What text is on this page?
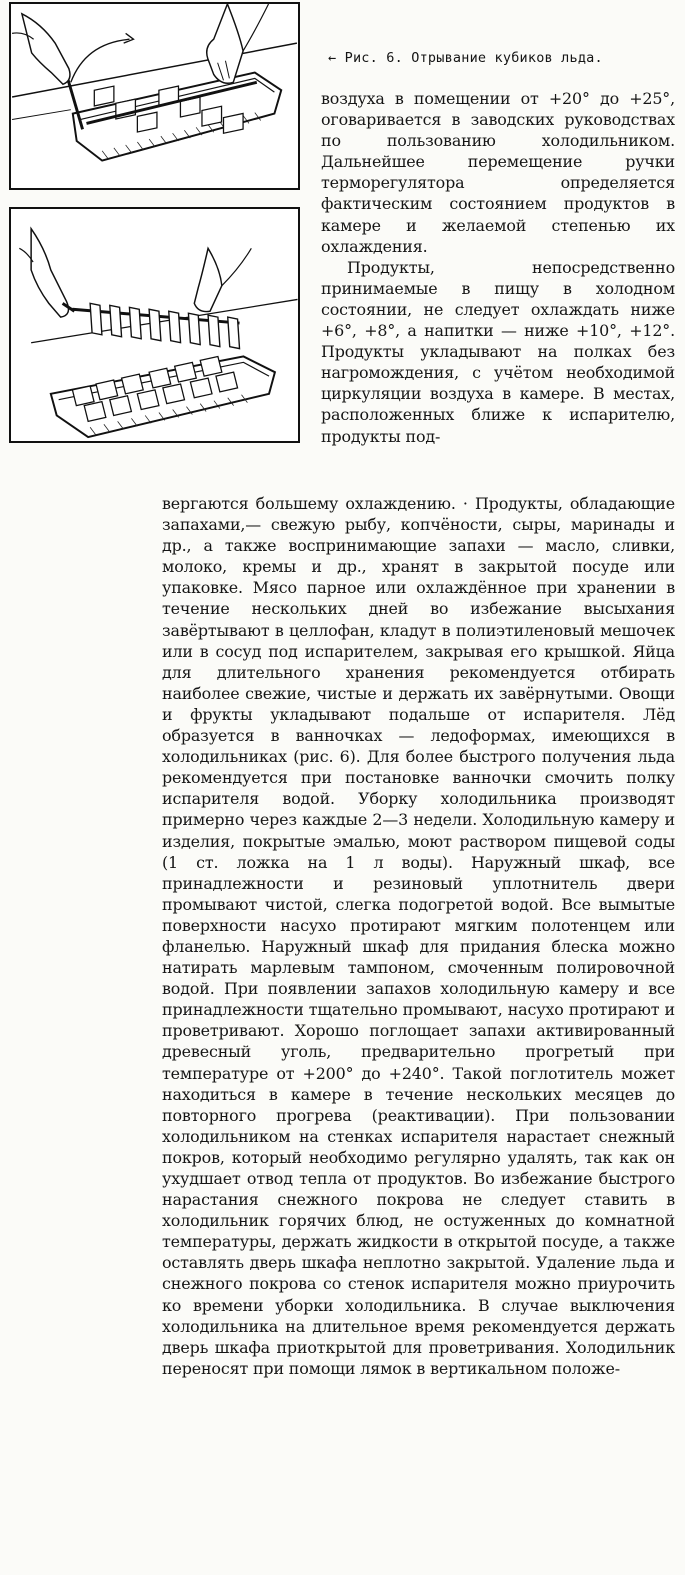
← Рис. 6. Отрывание кубиков льда.

воздуха в помещении от +20° до +25°, оговаривается в заводских руководствах по пользованию холодильником. Дальнейшее перемещение ручки терморегулятора определяется фактическим состоянием продуктов в камере и желаемой степенью их охлаждения.

Продукты, непосредственно принимаемые в пищу в холодном состоянии, не следует охлаждать ниже +6°, +8°, а напитки — ниже +10°, +12°. Продукты укладывают на полках без нагромождения, с учётом необходимой циркуляции воздуха в камере. В местах, расположенных ближе к испарителю, продукты под-

вергаются большему охлаждению. · Продукты, обладающие запахами,— свежую рыбу, копчёности, сыры, маринады и др., а также воспринимающие запахи — масло, сливки, молоко, кремы и др., хранят в закрытой посуде или упаковке. Мясо парное или охлаждённое при хранении в течение нескольких дней во избежание высыхания завёртывают в целлофан, кладут в полиэтиленовый мешочек или в сосуд под испарителем, закрывая его крышкой. Яйца для длительного хранения рекомендуется отбирать наиболее свежие, чистые и держать их завёрнутыми. Овощи и фрукты укладывают подальше от испарителя. Лёд образуется в ванночках — ледоформах, имеющихся в холодильниках (рис. 6). Для более быстрого получения льда рекомендуется при постановке ванночки смочить полку испарителя водой. Уборку холодильника производят примерно через каждые 2—3 недели. Холодильную камеру и изделия, покрытые эмалью, моют раствором пищевой соды (1 ст. ложка на 1 л воды). Наружный шкаф, все принадлежности и резиновый уплотнитель двери промывают чистой, слегка подогретой водой. Все вымытые поверхности насухо протирают мягким полотенцем или фланелью. Наружный шкаф для придания блеска можно натирать марлевым тампоном, смоченным полировочной водой. При появлении запахов холодильную камеру и все принадлежности тщательно промывают, насухо протирают и проветривают. Хорошо поглощает запахи активированный древесный уголь, предварительно прогретый при температуре от +200° до +240°. Такой поглотитель может находиться в камере в течение нескольких месяцев до повторного прогрева (реактивации). При пользовании холодильником на стенках испарителя нарастает снежный покров, который необходимо регулярно удалять, так как он ухудшает отвод тепла от продуктов. Во избежание быстрого нарастания снежного покрова не следует ставить в холодильник горячих блюд, не остуженных до комнатной температуры, держать жидкости в открытой посуде, а также оставлять дверь шкафа неплотно закрытой. Удаление льда и снежного покрова со стенок испарителя можно приурочить ко времени уборки холодильника. В случае выключения холодильника на длительное время рекомендуется держать дверь шкафа приоткрытой для проветривания. Холодильник переносят при помощи лямок в вертикальном положе-
